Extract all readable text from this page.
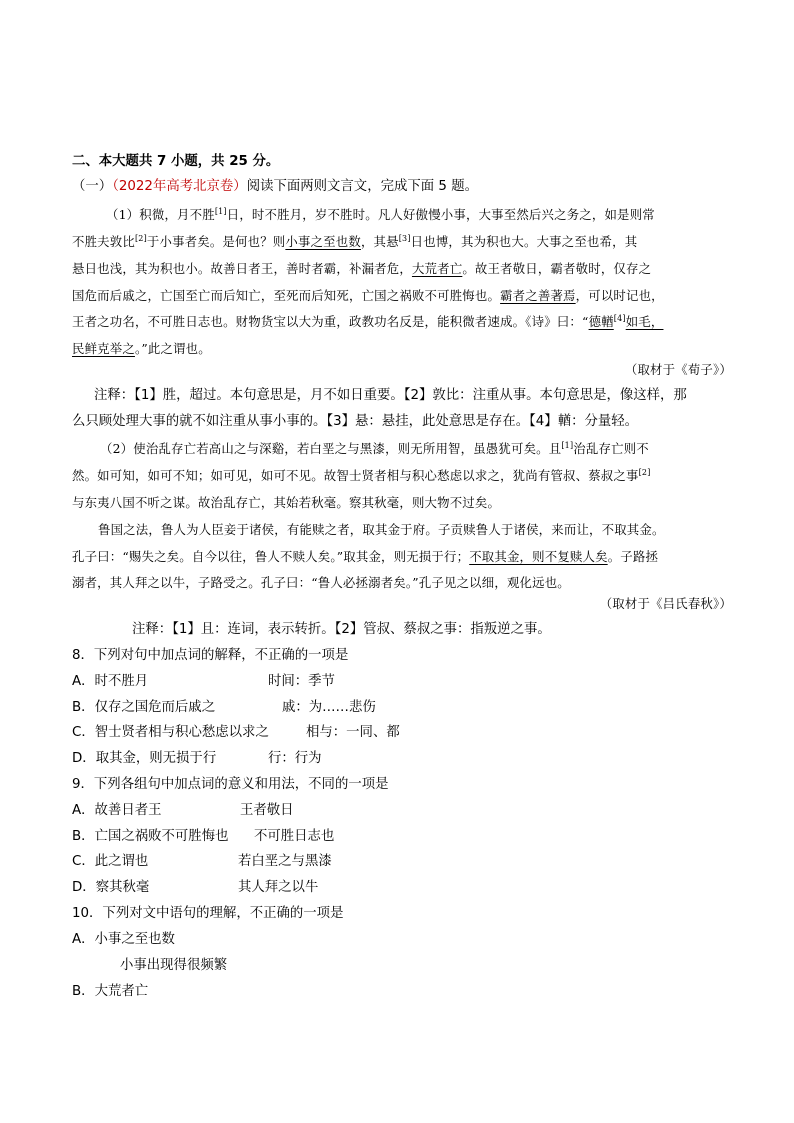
二、本大题共 7 小题，共 25 分。
（一）（2022年高考北京卷）阅读下面两则文言文，完成下面 5 题。
（1）积微，月不胜[1]日，时不胜月，岁不胜时。凡人好傲慢小事，大事至然后兴之务之，如是则常
不胜夫敦比[2]于小事者矣。是何也？则小事之至也数，其悬[3]日也博，其为积也大。大事之至也希，其
悬日也浅，其为积也小。故善日者王，善时者霸，补漏者危，大荒者亡。故王者敬日，霸者敬时，仅存之
国危而后戚之，亡国至亡而后知亡，至死而后知死，亡国之祸败不可胜悔也。霸者之善著焉，可以时记也，
王者之功名，不可胜日志也。财物货宝以大为重，政教功名反是，能积微者速成。《诗》曰：“德輶[4]如毛，
民鲜克举之。”此之谓也。
（取材于《荀子》）
注释：【1】胜，超过。本句意思是，月不如日重要。【2】敦比：注重从事。本句意思是，像这样，那
么只顾处理大事的就不如注重从事小事的。【3】悬：悬挂，此处意思是存在。【4】輶：分量轻。
（2）使治乱存亡若高山之与深谿，若白垩之与黑漆，则无所用智，虽愚犹可矣。且[1]治乱存亡则不
然。如可知，如可不知；如可见，如可不见。故智士贤者相与积心愁虑以求之，犹尚有管叔、蔡叔之事[2]
与东夷八国不听之谋。故治乱存亡，其始若秋毫。察其秋毫，则大物不过矣。
鲁国之法，鲁人为人臣妾于诸侯，有能赎之者，取其金于府。子贡赎鲁人于诸侯，来而让，不取其金。
孔子曰：“赐失之矣。自今以往，鲁人不赎人矣。”取其金，则无损于行；不取其金，则不复赎人矣。子路拯
溺者，其人拜之以牛，子路受之。孔子曰：“鲁人必拯溺者矣。”孔子见之以细，观化远也。
（取材于《吕氏春秋》）
注释：【1】且：连词，表示转折。【2】管叔、蔡叔之事：指叛逆之事。
8．下列对句中加点词的解释，不正确的一项是
A．时不胜月	时间：季节
B．仅存之国危而后戚之	戚：为……悲伤
C．智士贤者相与积心愁虑以求之	相与：一同、都
D．取其金，则无损于行	行：行为
9．下列各组句中加点词的意义和用法，不同的一项是
A．故善日者王	王者敬日
B．亡国之祸败不可胜悔也 不可胜日志也
C．此之谓也	若白垩之与黑漆
D．察其秋毫	其人拜之以牛
10．下列对文中语句的理解，不正确的一项是
A．小事之至也数
小事出现得很频繁
B．大荒者亡
